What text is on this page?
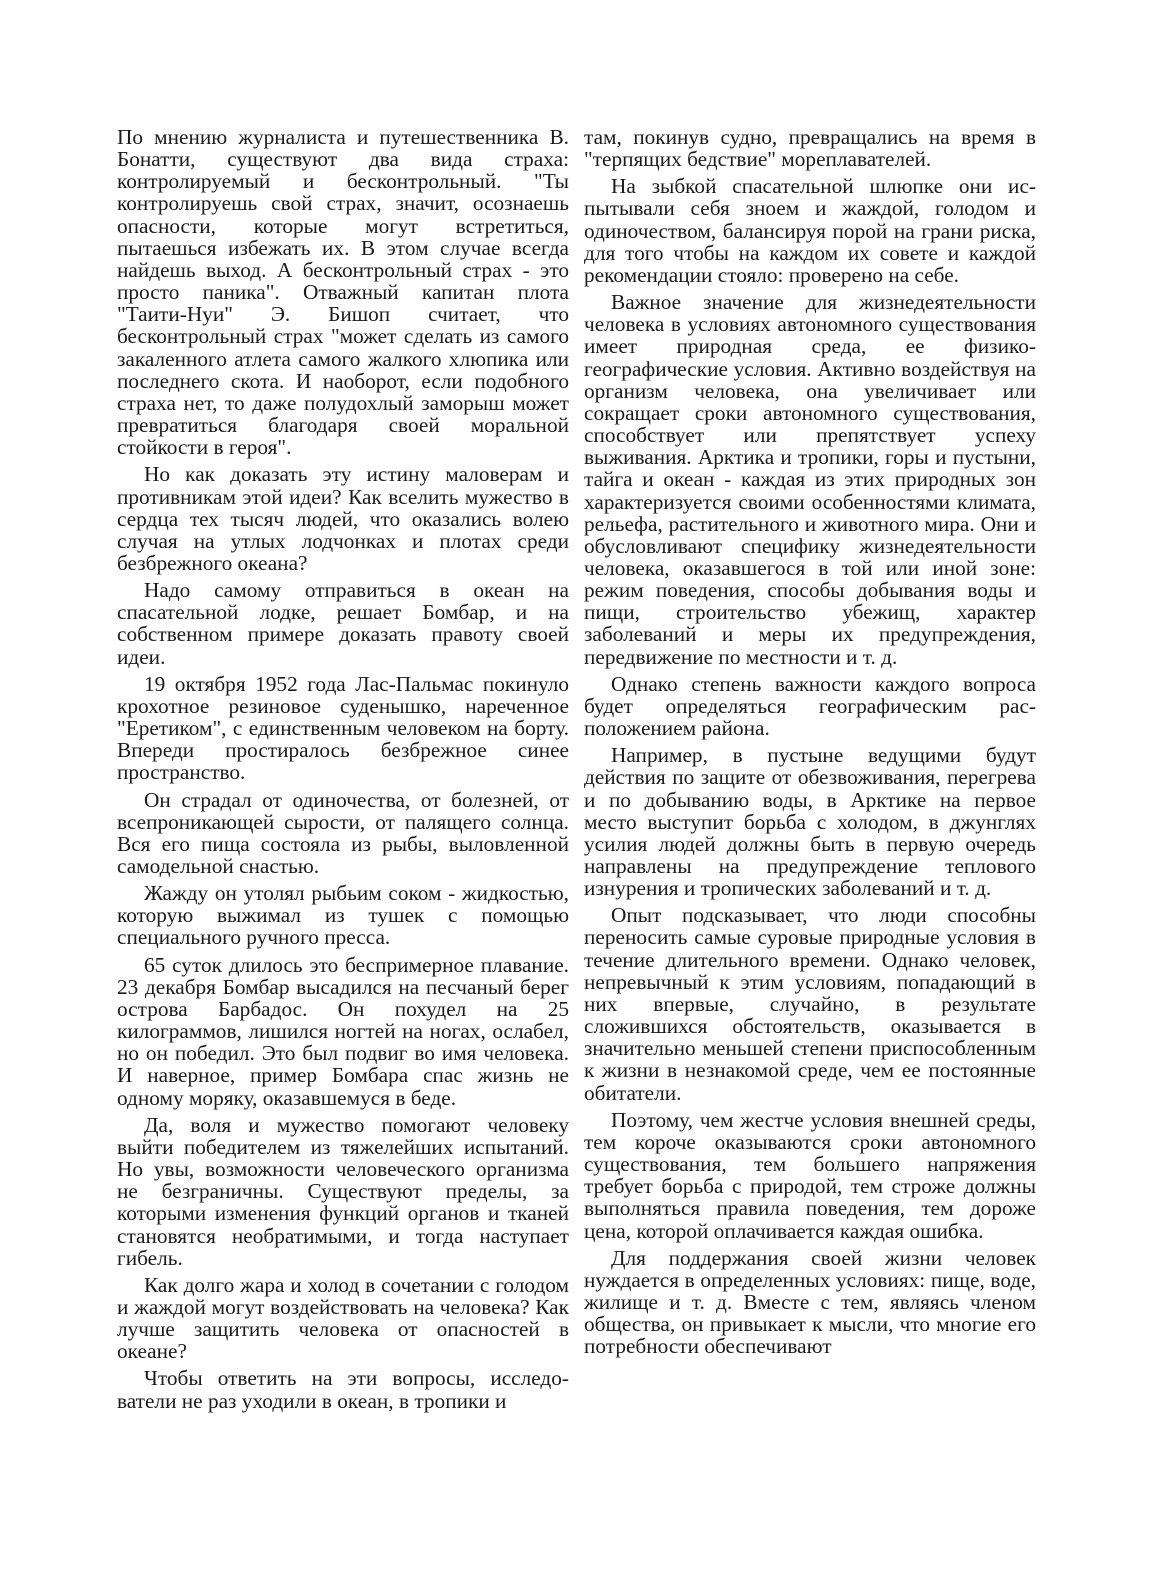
По мнению журналиста и путешественника В. Бонатти, существуют два вида страха: контролируемый и бесконтрольный. "Ты контролируешь свой страх, значит, осознаешь опасности, которые могут встретиться, пытаешься избежать их. В этом случае всегда найдешь выход. А бесконтрольный страх - это просто паника". Отважный капитан плота "Таити-Нуи" Э. Бишоп считает, что бесконтрольный страх "может сделать из самого закаленного атлета самого жалкого хлюпика или последнего скота. И наоборот, если подобного страха нет, то даже полудохлый заморыш может превратиться благодаря своей моральной стойкости в героя".

Но как доказать эту истину маловерам и противникам этой идеи? Как вселить мужество в сердца тех тысяч людей, что оказались волею случая на утлых лодчонках и плотах среди безбрежного океана?

Надо самому отправиться в океан на спасательной лодке, решает Бомбар, и на собственном примере доказать правоту своей идеи.

19 октября 1952 года Лас-Пальмас покинуло крохотное резиновое суденышко, нареченное "Еретиком", с единственным человеком на борту. Впереди простиралось безбрежное синее пространство.

Он страдал от одиночества, от болезней, от всепроникающей сырости, от палящего солнца. Вся его пища состояла из рыбы, выловленной самодельной снастью.

Жажду он утолял рыбьим соком - жидкостью, которую выжимал из тушек с помощью специального ручного пресса.

65 суток длилось это беспримерное плавание. 23 декабря Бомбар высадился на песчаный берег острова Барбадос. Он похудел на 25 килограммов, лишился ногтей на ногах, ослабел, но он победил. Это был подвиг во имя человека. И наверное, пример Бомбара спас жизнь не одному моряку, оказавшемуся в беде.

Да, воля и мужество помогают человеку выйти победителем из тяжелейших испытаний. Но увы, возможности человеческого организма не безграничны. Существуют пределы, за которыми изменения функций органов и тканей становятся необратимыми, и тогда наступает гибель.

Как долго жара и холод в сочетании с голодом и жаждой могут воздействовать на человека? Как лучше защитить человека от опасностей в океане?

Чтобы ответить на эти вопросы, исследователи не раз уходили в океан, в тропики и

там, покинув судно, превращались на время в "терпящих бедствие" мореплавателей.

На зыбкой спасательной шлюпке они испытывали себя зноем и жаждой, голодом и одиночеством, балансируя порой на грани риска, для того чтобы на каждом их совете и каждой рекомендации стояло: проверено на себе.

Важное значение для жизнедеятельности человека в условиях автономного существования имеет природная среда, ее физико-географические условия. Активно воздействуя на организм человека, она увеличивает или сокращает сроки автономного существования, способствует или препятствует успеху выживания. Арктика и тропики, горы и пустыни, тайга и океан - каждая из этих природных зон характеризуется своими особенностями климата, рельефа, растительного и животного мира. Они и обусловливают специфику жизнедеятельности человека, оказавшегося в той или иной зоне: режим поведения, способы добывания воды и пищи, строительство убежищ, характер заболеваний и меры их предупреждения, передвижение по местности и т. д.

Однако степень важности каждого вопроса будет определяться географическим расположением района.

Например, в пустыне ведущими будут действия по защите от обезвоживания, перегрева и по добыванию воды, в Арктике на первое место выступит борьба с холодом, в джунглях усилия людей должны быть в первую очередь направлены на предупреждение теплового изнурения и тропических заболеваний и т. д.

Опыт подсказывает, что люди способны переносить самые суровые природные условия в течение длительного времени. Однако человек, непревычный к этим условиям, попадающий в них впервые, случайно, в результате сложившихся обстоятельств, оказывается в значительно меньшей степени приспособленным к жизни в незнакомой среде, чем ее постоянные обитатели.

Поэтому, чем жестче условия внешней среды, тем короче оказываются сроки автономного существования, тем большего напряжения требует борьба с природой, тем строже должны выполняться правила поведения, тем дороже цена, которой оплачивается каждая ошибка.

Для поддержания своей жизни человек нуждается в определенных условиях: пище, воде, жилище и т. д. Вместе с тем, являясь членом общества, он привыкает к мысли, что многие его потребности обеспечивают
